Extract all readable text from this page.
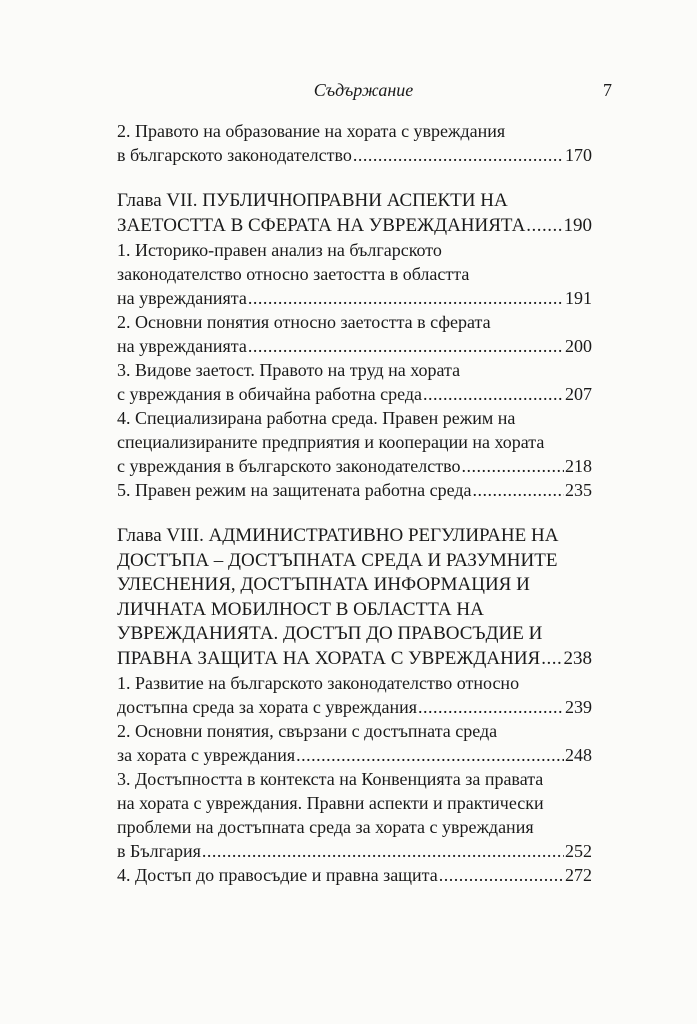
Съдържание	7
2. Правото на образование на хората с увреждания
в българското законодателство .....	170
Глава VII. ПУБЛИЧНОПРАВНИ АСПЕКТИ НА
ЗАЕТОСТТА В СФЕРАТА НА УВРЕЖДАНИЯТА ..... 190
1. Историко-правен анализ на българското
законодателство относно заетостта в областта
на уврежданията .....	191
2. Основни понятия относно заетостта в сферата
на уврежданията .....	200
3. Видове заетост. Правото на труд на хората
с увреждания в обичайна работна среда .....	207
4. Специализирана работна среда. Правен режим на
специализираните предприятия и кооперации на хората
с увреждания в българското законодателство .....	218
5. Правен режим на защитената работна среда .....	235
Глава VIII. АДМИНИСТРАТИВНО РЕГУЛИРАНЕ НА
ДОСТЪПА – ДОСТЪПНАТА СРЕДА И РАЗУМНИТЕ
УЛЕСНЕНИЯ, ДОСТЪПНАТА ИНФОРМАЦИЯ И
ЛИЧНАТА МОБИЛНОСТ В ОБЛАСТТА НА
УВРЕЖДАНИЯТА. ДОСТЪП ДО ПРАВОСЪДИЕ И
ПРАВНА ЗАЩИТА НА ХОРАТА С УВРЕЖДАНИЯ ..... 238
1. Развитие на българското законодателство относно
достъпна среда за хората с увреждания .....	239
2. Основни понятия, свързани с достъпната среда
за хората с увреждания .....	248
3. Достъпността в контекста на Конвенцията за правата
на хората с увреждания. Правни аспекти и практически
проблеми на достъпната среда за хората с увреждания
в България .....	252
4. Достъп до правосъдие и правна защита .....	272
